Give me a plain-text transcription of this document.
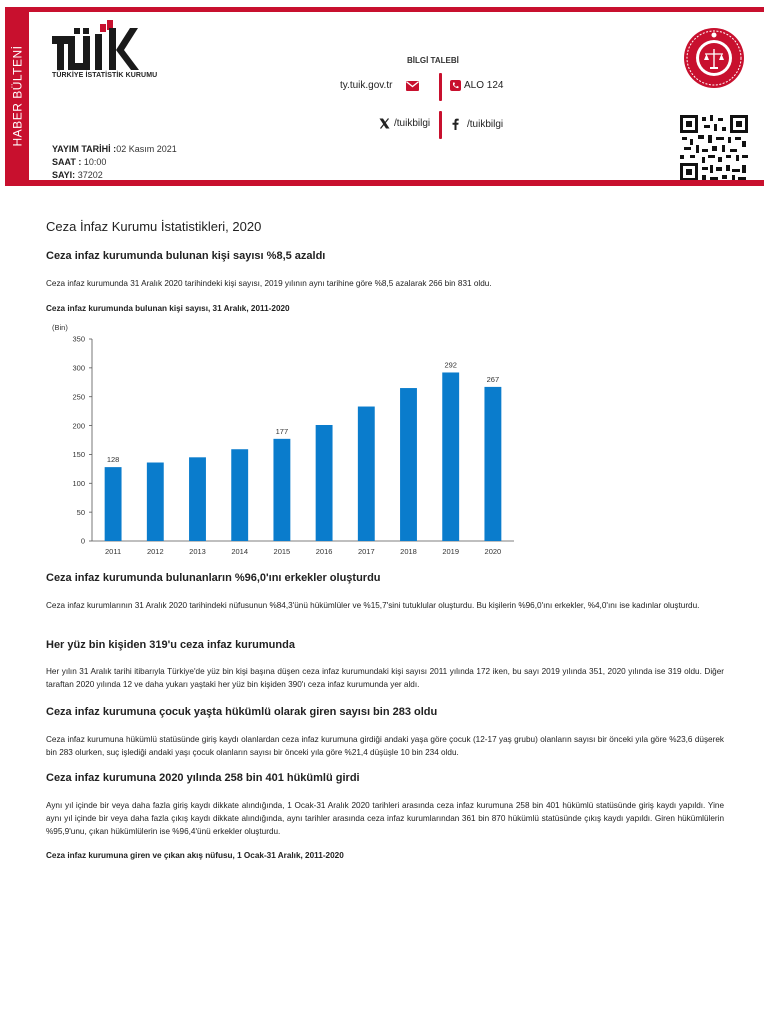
HABER BÜLTENİ	TÜRKİYE İSTATİSTİK KURUMU
YAYIM TARİHİ :02 Kasım 2021
SAAT : 10:00
SAYI: 37202
BİLGİ TALEBİ
ty.tuik.gov.tr	ALO 124
/tuikbilgi	/tuikbilgi
Ceza İnfaz Kurumu İstatistikleri, 2020
Ceza infaz kurumunda bulunan kişi sayısı %8,5 azaldı
Ceza infaz kurumunda 31 Aralık 2020 tarihindeki kişi sayısı, 2019 yılının aynı tarihine göre %8,5 azalarak 266 bin 831 oldu.
Ceza infaz kurumunda bulunan kişi sayısı, 31 Aralık, 2011-2020
(Bin)
0
50
100
150
200
250
300
350
2011
128
2012	2013	2014	2015
177
2016	2017	2018	2019
292
2020
267
Ceza infaz kurumunda bulunanların %96,0'ını erkekler oluşturdu
Ceza infaz kurumlarının 31 Aralık 2020 tarihindeki nüfusunun %84,3'ünü hükümlüler ve %15,7'sini tutuklular oluşturdu. Bu kişilerin %96,0'ını erkekler, %4,0'ını ise kadınlar oluşturdu.
Her yüz bin kişiden 319'u ceza infaz kurumunda
Her yılın 31 Aralık tarihi itibarıyla Türkiye'de yüz bin kişi başına düşen ceza infaz kurumundaki kişi sayısı 2011 yılında 172 iken, bu sayı 2019 yılında 351, 2020 yılında ise 319 oldu. Diğer taraftan 2020 yılında 12 ve daha yukarı yaştaki her yüz bin kişiden 390'ı ceza infaz kurumunda yer aldı.
Ceza infaz kurumuna çocuk yaşta hükümlü olarak giren sayısı bin 283 oldu
Ceza infaz kurumuna hükümlü statüsünde giriş kaydı olanlardan ceza infaz kurumuna girdiği andaki yaşa göre çocuk (12-17 yaş grubu) olanların sayısı bir önceki yıla göre %23,6 düşerek bin 283 olurken, suç işlediği andaki yaşı çocuk olanların sayısı bir önceki yıla göre %21,4 düşüşle 10 bin 234 oldu.
Ceza infaz kurumuna 2020 yılında 258 bin 401 hükümlü girdi
Aynı yıl içinde bir veya daha fazla giriş kaydı dikkate alındığında, 1 Ocak-31 Aralık 2020 tarihleri arasında ceza infaz kurumuna 258 bin 401 hükümlü statüsünde giriş kaydı yapıldı. Yine aynı yıl içinde bir veya daha fazla çıkış kaydı dikkate alındığında, aynı tarihler arasında ceza infaz kurumlarından 361 bin 870 hükümlü statüsünde çıkış kaydı yapıldı. Giren hükümlülerin %95,9'unu, çıkan hükümlülerin ise %96,4'ünü erkekler oluşturdu.
Ceza infaz kurumuna giren ve çıkan akış nüfusu, 1 Ocak-31 Aralık, 2011-2020
